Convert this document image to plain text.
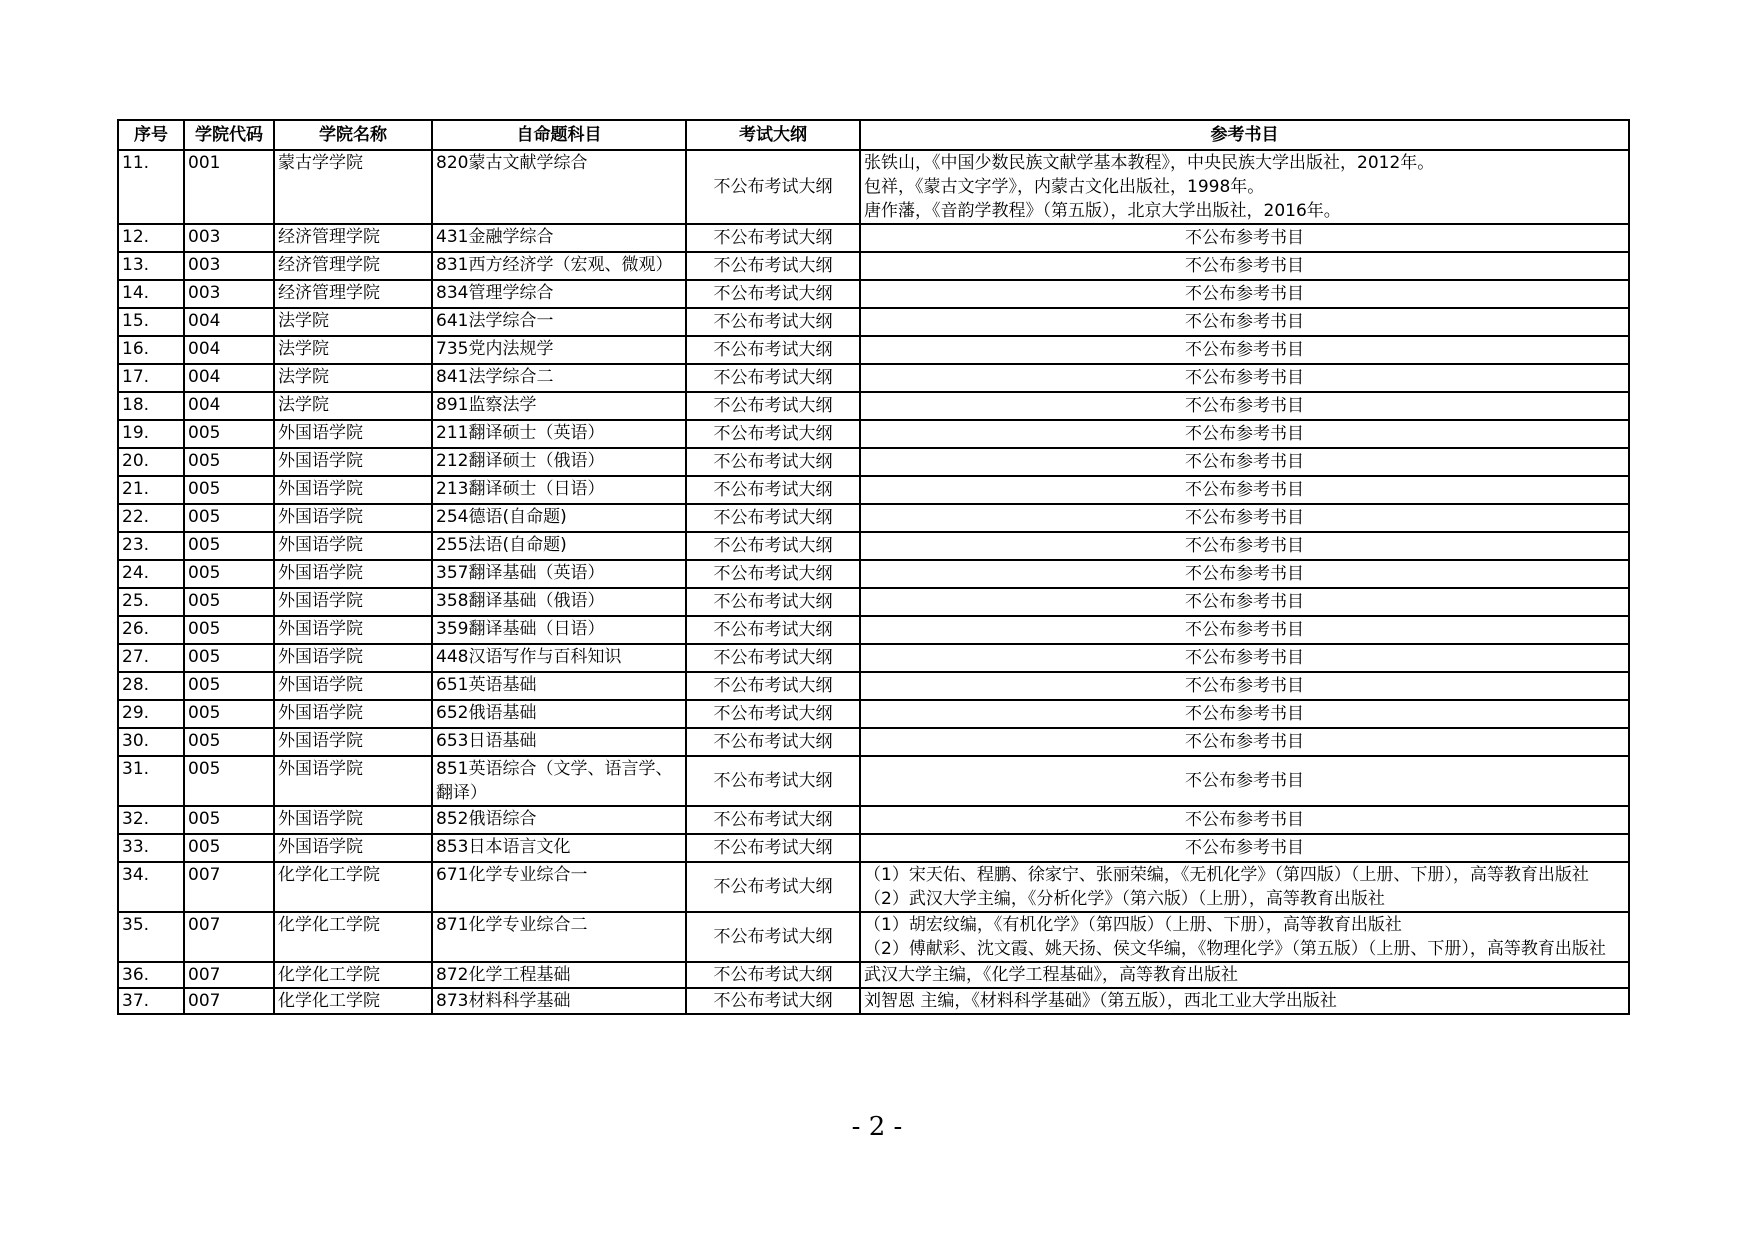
序号	学院代码	学院名称	自命题科目	考试大纲	参考书目
11.	001	蒙古学学院	820蒙古文献学综合	不公布考试大纲	张铁山，《中国少数民族文献学基本教程》，中央民族大学出版社，2012年。
包祥，《蒙古文字学》，内蒙古文化出版社，1998年。
唐作藩，《音韵学教程》（第五版），北京大学出版社，2016年。

12.	003	经济管理学院	431金融学综合	不公布考试大纲	不公布参考书目

13.	003	经济管理学院	831西方经济学（宏观、微观）	不公布考试大纲	不公布参考书目

14.	003	经济管理学院	834管理学综合	不公布考试大纲	不公布参考书目

15.	004	法学院	641法学综合一	不公布考试大纲	不公布参考书目

16.	004	法学院	735党内法规学	不公布考试大纲	不公布参考书目

17.	004	法学院	841法学综合二	不公布考试大纲	不公布参考书目

18.	004	法学院	891监察法学	不公布考试大纲	不公布参考书目

19.	005	外国语学院	211翻译硕士（英语）	不公布考试大纲	不公布参考书目

20.	005	外国语学院	212翻译硕士（俄语）	不公布考试大纲	不公布参考书目

21.	005	外国语学院	213翻译硕士（日语）	不公布考试大纲	不公布参考书目

22.	005	外国语学院	254德语(自命题)	不公布考试大纲	不公布参考书目

23.	005	外国语学院	255法语(自命题)	不公布考试大纲	不公布参考书目

24.	005	外国语学院	357翻译基础（英语）	不公布考试大纲	不公布参考书目

25.	005	外国语学院	358翻译基础（俄语）	不公布考试大纲	不公布参考书目

26.	005	外国语学院	359翻译基础（日语）	不公布考试大纲	不公布参考书目

27.	005	外国语学院	448汉语写作与百科知识	不公布考试大纲	不公布参考书目

28.	005	外国语学院	651英语基础	不公布考试大纲	不公布参考书目

29.	005	外国语学院	652俄语基础	不公布考试大纲	不公布参考书目

30.	005	外国语学院	653日语基础	不公布考试大纲	不公布参考书目

31.	005	外国语学院	851英语综合（文学、语言学、翻译）	不公布考试大纲	不公布参考书目

32.	005	外国语学院	852俄语综合	不公布考试大纲	不公布参考书目

33.	005	外国语学院	853日本语言文化	不公布考试大纲	不公布参考书目

34.	007	化学化工学院	671化学专业综合一	不公布考试大纲	（1）宋天佑、程鹏、徐家宁、张丽荣编，《无机化学》（第四版）（上册、下册），高等教育出版社
（2）武汉大学主编，《分析化学》（第六版）（上册），高等教育出版社

35.	007	化学化工学院	871化学专业综合二	不公布考试大纲	（1）胡宏纹编，《有机化学》（第四版）（上册、下册），高等教育出版社
（2）傅献彩、沈文霞、姚天扬、侯文华编，《物理化学》（第五版）（上册、下册），高等教育出版社

36.	007	化学化工学院	872化学工程基础	不公布考试大纲	武汉大学主编，《化学工程基础》，高等教育出版社

37.	007	化学化工学院	873材料科学基础	不公布考试大纲	刘智恩 主编，《材料科学基础》（第五版），西北工业大学出版社
- 2 -
